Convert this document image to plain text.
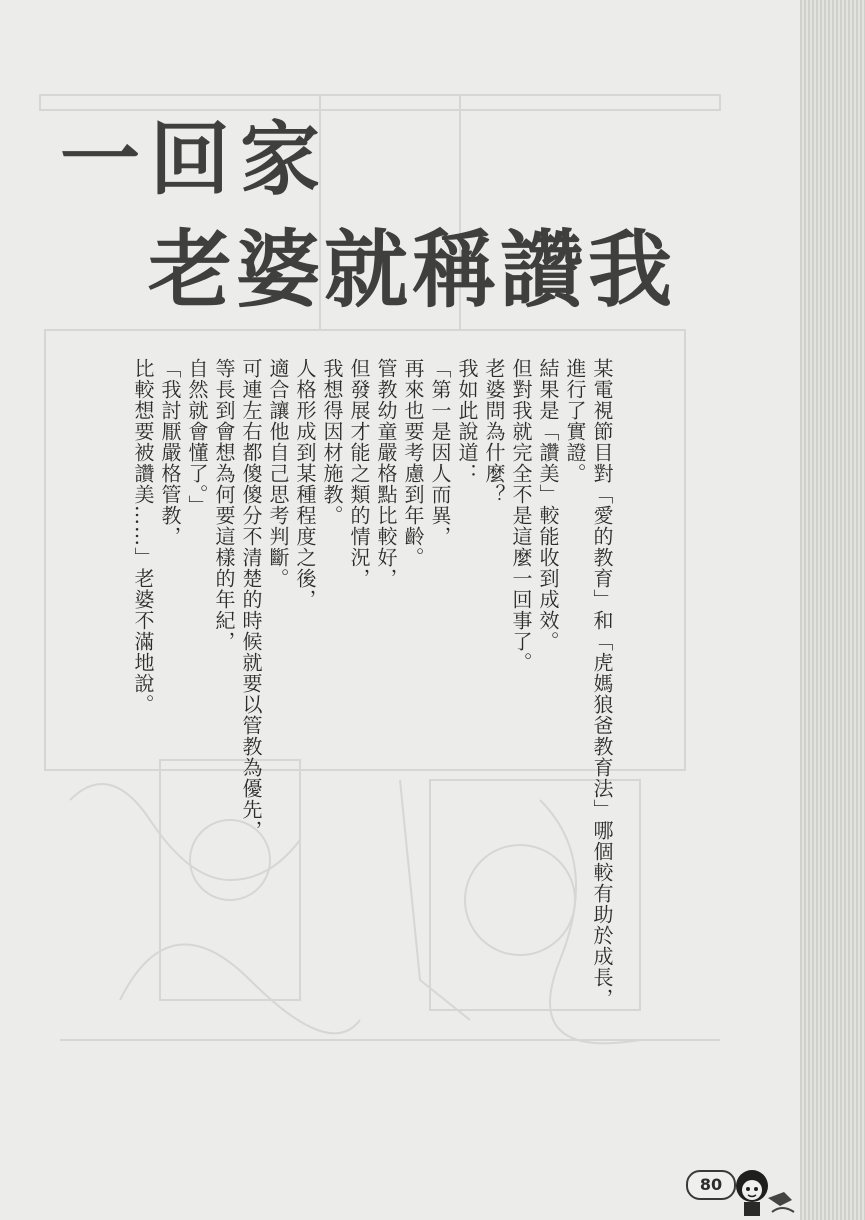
一回家
老婆就稱讚我
某電視節目對「愛的教育」和「虎媽狼爸教育法」哪個較有助於成長，
進行了實證。
結果是「讚美」較能收到成效。
但對我就完全不是這麼一回事了。
老婆問為什麼？
我如此說道：
「第一是因人而異，
再來也要考慮到年齡。
管教幼童嚴格點比較好，
但發展才能之類的情況，
我想得因材施教。
人格形成到某種程度之後，
適合讓他自己思考判斷。
可連左右都傻傻分不清楚的時候就要以管教為優先，
等長到會想為何要這樣的年紀，
自然就會懂了。」
「我討厭嚴格管教，
比較想要被讚美……」老婆不滿地說。
80
